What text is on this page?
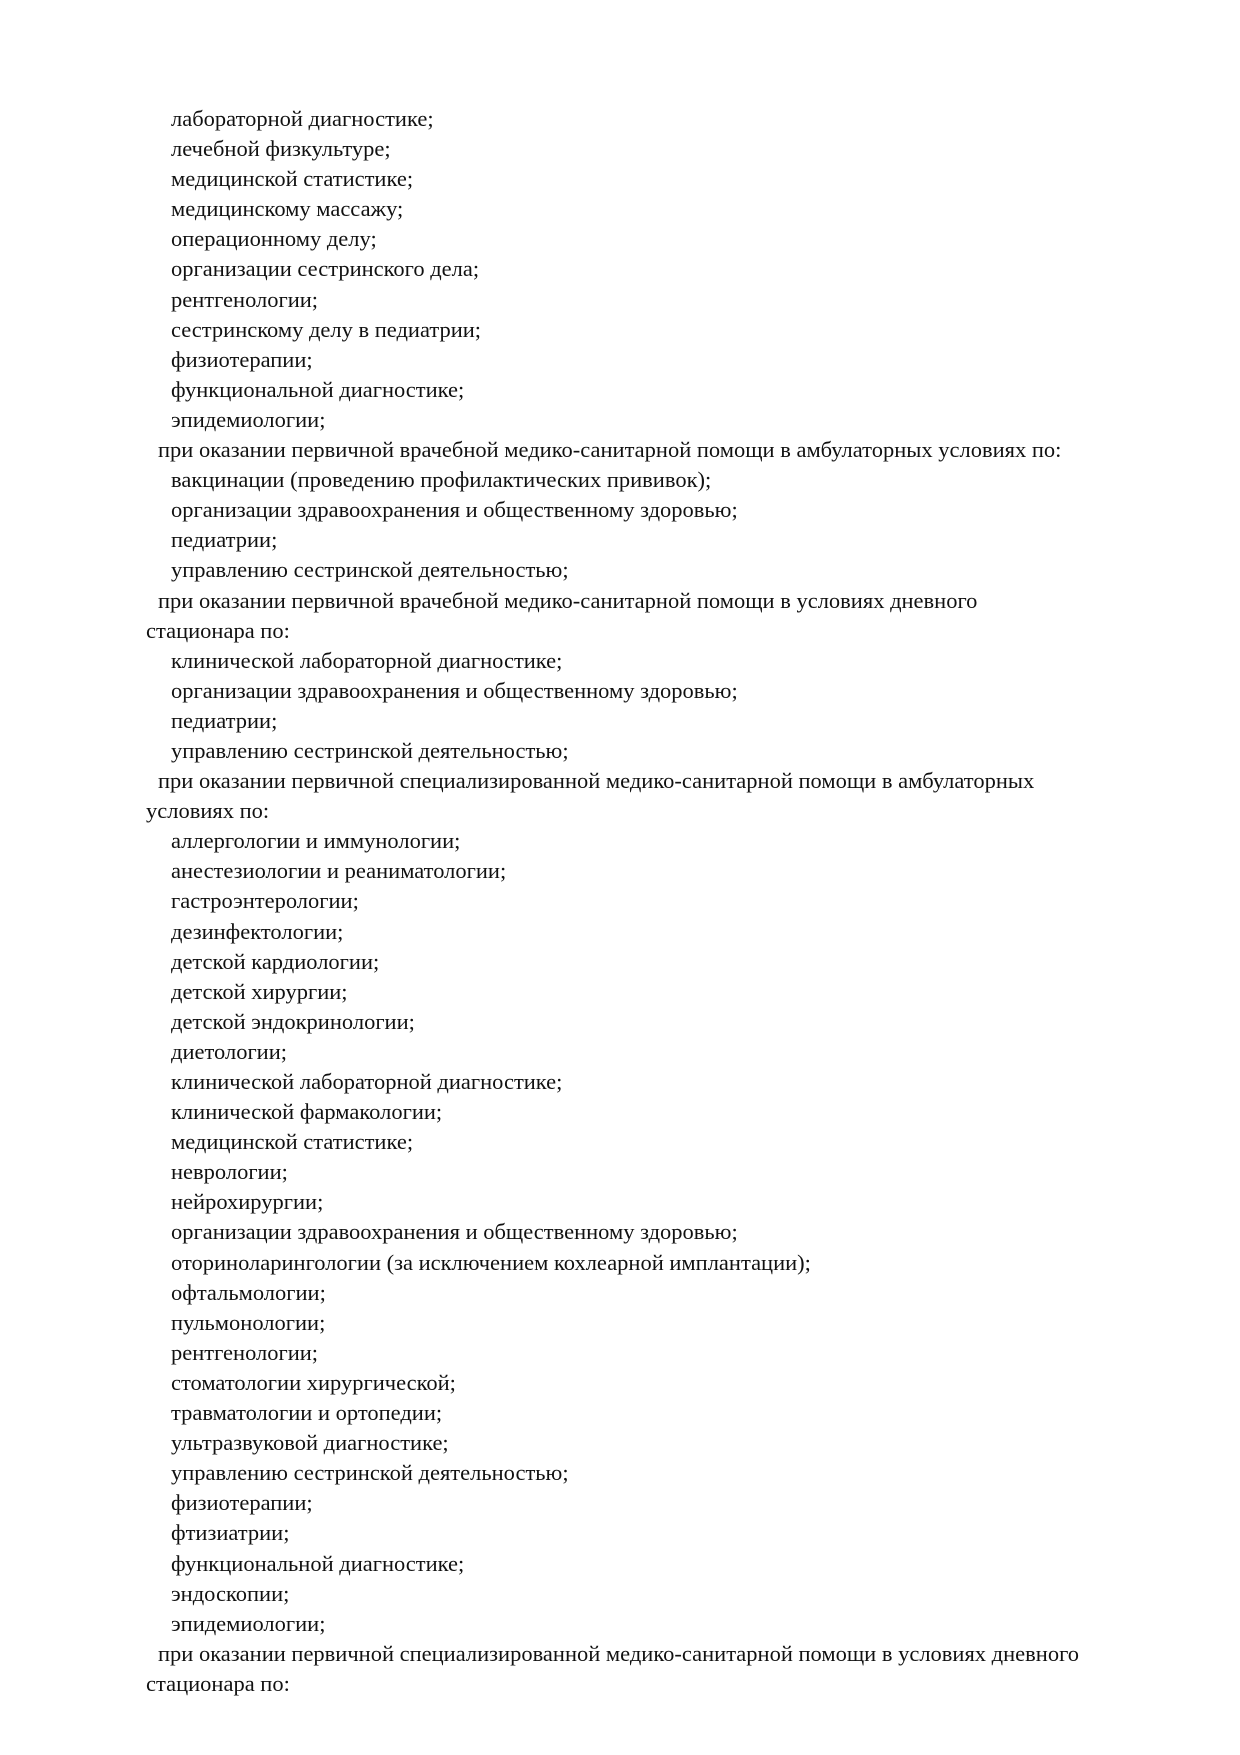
лабораторной диагностике;
лечебной физкультуре;
медицинской статистике;
медицинскому массажу;
операционному делу;
организации сестринского дела;
рентгенологии;
сестринскому делу в педиатрии;
физиотерапии;
функциональной диагностике;
эпидемиологии;
при оказании первичной врачебной медико-санитарной помощи в амбулаторных условиях по:
вакцинации (проведению профилактических прививок);
организации здравоохранения и общественному здоровью;
педиатрии;
управлению сестринской деятельностью;
при оказании первичной врачебной медико-санитарной помощи в условиях дневного
стационара по:
клинической лабораторной диагностике;
организации здравоохранения и общественному здоровью;
педиатрии;
управлению сестринской деятельностью;
при оказании первичной специализированной медико-санитарной помощи в амбулаторных
условиях по:
аллергологии и иммунологии;
анестезиологии и реаниматологии;
гастроэнтерологии;
дезинфектологии;
детской кардиологии;
детской хирургии;
детской эндокринологии;
диетологии;
клинической лабораторной диагностике;
клинической фармакологии;
медицинской статистике;
неврологии;
нейрохирургии;
организации здравоохранения и общественному здоровью;
оториноларингологии (за исключением кохлеарной имплантации);
офтальмологии;
пульмонологии;
рентгенологии;
стоматологии хирургической;
травматологии и ортопедии;
ультразвуковой диагностике;
управлению сестринской деятельностью;
физиотерапии;
фтизиатрии;
функциональной диагностике;
эндоскопии;
эпидемиологии;
при оказании первичной специализированной медико-санитарной помощи в условиях дневного
стационара по:
